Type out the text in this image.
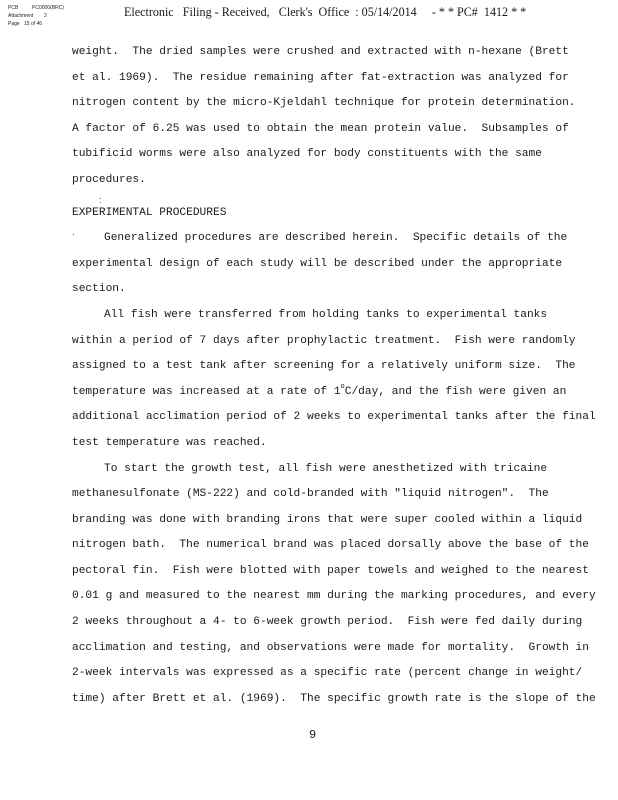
PCB	PC0000(BRC)
Attachment	2
Page 15 of 46
Electronic   Filing - Received,   Clerk's  Office  : 05/14/2014     - * * PC#  1412 * *
weight.  The dried samples were crushed and extracted with n-hexane (Brett
et al. 1969).  The residue remaining after fat-extraction was analyzed for
nitrogen content by the micro-Kjeldahl technique for protein determination.
A factor of 6.25 was used to obtain the mean protein value.  Subsamples of
tubificid worms were also analyzed for body constituents with the same
procedures.
EXPERIMENTAL PROCEDURES
Generalized procedures are described herein.  Specific details of the
experimental design of each study will be described under the appropriate
section.
All fish were transferred from holding tanks to experimental tanks
within a period of 7 days after prophylactic treatment.  Fish were randomly
assigned to a test tank after screening for a relatively uniform size.  The
temperature was increased at a rate of 1$^o$C/day, and the fish were given an
additional acclimation period of 2 weeks to experimental tanks after the final
test temperature was reached.
To start the growth test, all fish were anesthetized with tricaine
methanesulfonate (MS-222) and cold-branded with "liquid nitrogen".  The
branding was done with branding irons that were super cooled within a liquid
nitrogen bath.  The numerical brand was placed dorsally above the base of the
pectoral fin.  Fish were blotted with paper towels and weighed to the nearest
0.01 g and measured to the nearest mm during the marking procedures, and every
2 weeks throughout a 4- to 6-week growth period.  Fish were fed daily during
acclimation and testing, and observations were made for mortality.  Growth in
2-week intervals was expressed as a specific rate (percent change in weight/
time) after Brett et al. (1969).  The specific growth rate is the slope of the
:
·
9
